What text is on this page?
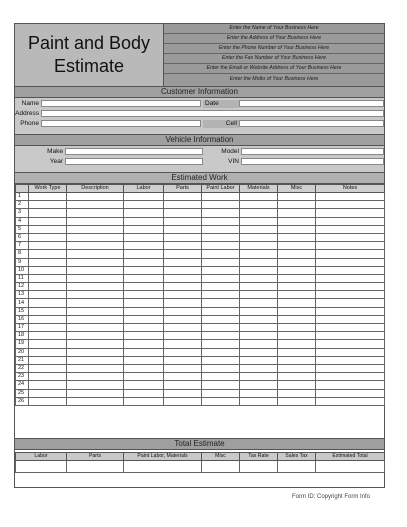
Paint and Body
Estimate
Enter the Name of Your Business Here
Enter the Address of Your Business Here
Enter the Phone Number of Your Business Here
Enter the Fax Number of Your Business Here
Enter the Email or Website Address of Your Business Here
Enter the Motto of Your Business Here
Customer Information
Name	Date
Address
Phone	Cell
Vehicle Information
Make	Model
Year	VIN
Estimated Work
	Work Type	Description	Labor	Parts	Paint Labor	Materials	Misc	Notes
1								
2								
3								
4								
5								
6								
7								
8								
9								
10								
11								
12								
13								
14								
15								
16								
17								
18								
19								
20								
21								
22								
23								
24								
25								
26								
Total Estimate
Labor	Parts	Paint Labor, Materials	Misc	Tax Rate	Sales Tax	Estimated Total

Form ID: Copyright Form Info
